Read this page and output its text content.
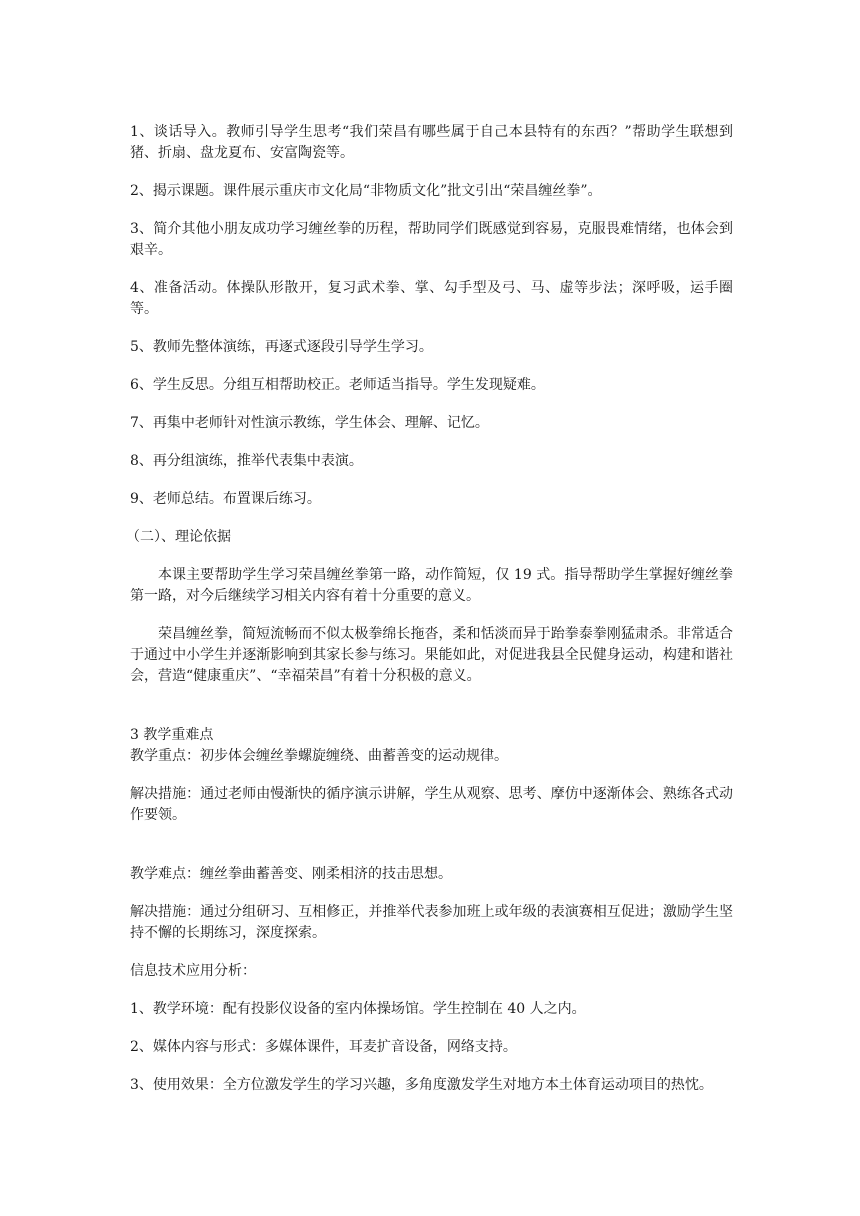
1、谈话导入。教师引导学生思考“我们荣昌有哪些属于自己本县特有的东西？”帮助学生联想到猪、折扇、盘龙夏布、安富陶瓷等。

2、揭示课题。课件展示重庆市文化局“非物质文化”批文引出“荣昌缠丝拳”。

3、简介其他小朋友成功学习缠丝拳的历程，帮助同学们既感觉到容易，克服畏难情绪，也体会到艰辛。

4、准备活动。体操队形散开，复习武术拳、掌、勾手型及弓、马、虚等步法；深呼吸，运手圈等。

5、教师先整体演练，再逐式逐段引导学生学习。

6、学生反思。分组互相帮助校正。老师适当指导。学生发现疑难。

7、再集中老师针对性演示教练，学生体会、理解、记忆。

8、再分组演练，推举代表集中表演。

9、老师总结。布置课后练习。

（二）、理论依据

本课主要帮助学生学习荣昌缠丝拳第一路，动作简短，仅 19 式。指导帮助学生掌握好缠丝拳第一路，对今后继续学习相关内容有着十分重要的意义。

荣昌缠丝拳，简短流畅而不似太极拳绵长拖沓，柔和恬淡而异于跆拳泰拳刚猛肃杀。非常适合于通过中小学生并逐渐影响到其家长参与练习。果能如此，对促进我县全民健身运动，构建和谐社会，营造“健康重庆”、“幸福荣昌”有着十分积极的意义。

3 教学重难点

教学重点：初步体会缠丝拳螺旋缠绕、曲蓄善变的运动规律。

解决措施：通过老师由慢渐快的循序演示讲解，学生从观察、思考、摩仿中逐渐体会、熟练各式动作要领。

教学难点：缠丝拳曲蓄善变、刚柔相济的技击思想。

解决措施：通过分组研习、互相修正，并推举代表参加班上或年级的表演赛相互促进；激励学生坚持不懈的长期练习，深度探索。

信息技术应用分析：

1、教学环境：配有投影仪设备的室内体操场馆。学生控制在 40 人之内。

2、媒体内容与形式：多媒体课件，耳麦扩音设备，网络支持。

3、使用效果：全方位激发学生的学习兴趣，多角度激发学生对地方本土体育运动项目的热忱。
